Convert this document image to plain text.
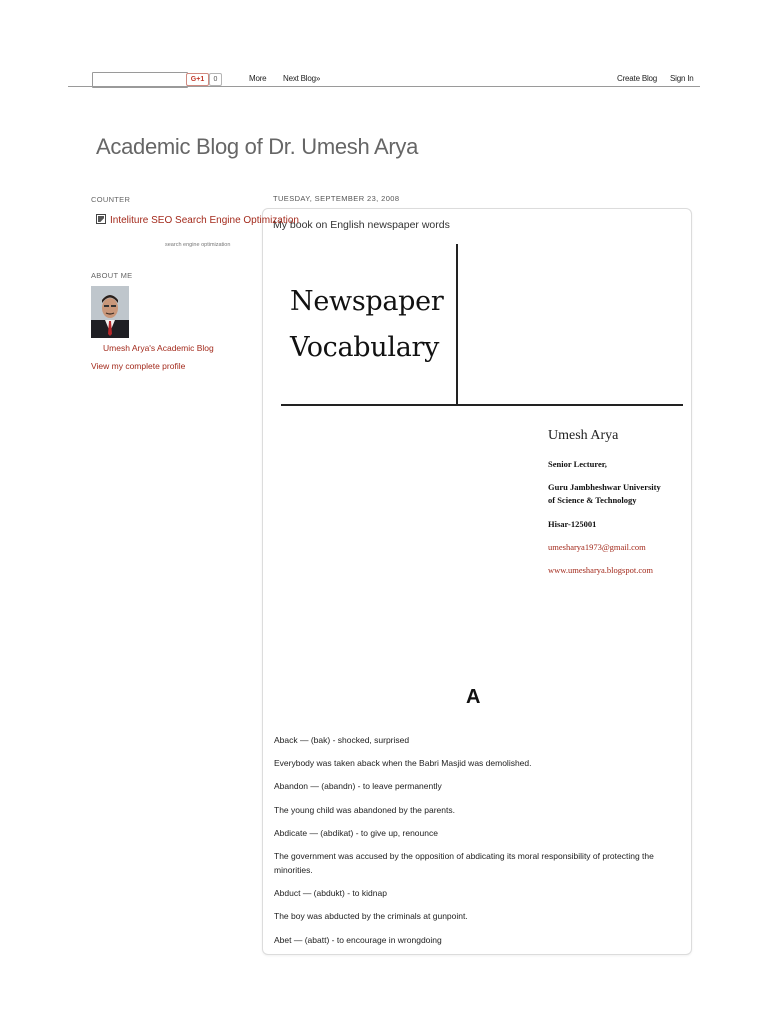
G+1	0	More Next Blog»	Create Blog Sign In
Academic Blog of Dr. Umesh Arya
COUNTER
Inteliture SEO Search Engine Optimization
search engine optimization
ABOUT ME
Umesh Arya's Academic Blog
View my complete profile
TUESDAY, SEPTEMBER 23, 2008
My book on English newspaper words
Newspaper
Vocabulary
Umesh Arya
Senior Lecturer,
Guru Jambheshwar University
of Science & Technology
Hisar-125001
umesharya1973@gmail.com
www.umesharya.blogspot.com
A
Aback — (bak) - shocked, surprised
Everybody was taken aback when the Babri Masjid was demolished.
Abandon — (abandn) - to leave permanently
The young child was abandoned by the parents.
Abdicate — (abdikat) - to give up, renounce
The government was accused by the opposition of abdicating its moral responsibility of protecting the minorities.
Abduct — (abdukt) - to kidnap
The boy was abducted by the criminals at gunpoint.
Abet — (abatt) - to encourage in wrongdoing
